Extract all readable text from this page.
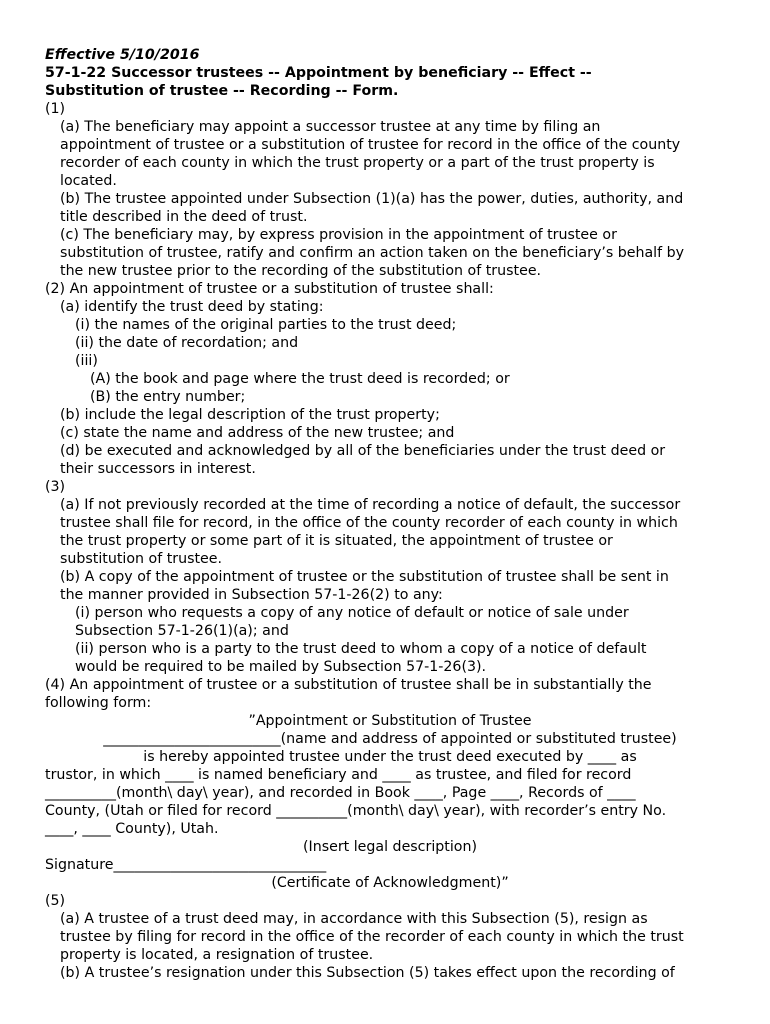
Effective 5/10/2016
57-1-22 Successor trustees -- Appointment by beneficiary -- Effect --
Substitution of trustee -- Recording -- Form.
(1)
(a) The beneficiary may appoint a successor trustee at any time by filing an
appointment of trustee or a substitution of trustee for record in the office of the county
recorder of each county in which the trust property or a part of the trust property is
located.
(b) The trustee appointed under Subsection (1)(a) has the power, duties, authority, and
title described in the deed of trust.
(c) The beneficiary may, by express provision in the appointment of trustee or
substitution of trustee, ratify and confirm an action taken on the beneficiary’s behalf by
the new trustee prior to the recording of the substitution of trustee.
(2) An appointment of trustee or a substitution of trustee shall:
(a) identify the trust deed by stating:
(i) the names of the original parties to the trust deed;
(ii) the date of recordation; and
(iii)
(A) the book and page where the trust deed is recorded; or
(B) the entry number;
(b) include the legal description of the trust property;
(c) state the name and address of the new trustee; and
(d) be executed and acknowledged by all of the beneficiaries under the trust deed or
their successors in interest.
(3)
(a) If not previously recorded at the time of recording a notice of default, the successor
trustee shall file for record, in the office of the county recorder of each county in which
the trust property or some part of it is situated, the appointment of trustee or
substitution of trustee.
(b) A copy of the appointment of trustee or the substitution of trustee shall be sent in
the manner provided in Subsection 57-1-26(2) to any:
(i) person who requests a copy of any notice of default or notice of sale under
Subsection 57-1-26(1)(a); and
(ii) person who is a party to the trust deed to whom a copy of a notice of default
would be required to be mailed by Subsection 57-1-26(3).
(4) An appointment of trustee or a substitution of trustee shall be in substantially the
following form:
”Appointment or Substitution of Trustee
_________________________(name and address of appointed or substituted trustee)
is hereby appointed trustee under the trust deed executed by ____ as
trustor, in which ____ is named beneficiary and ____ as trustee, and filed for record
__________(month\ day\ year), and recorded in Book ____, Page ____, Records of ____
County, (Utah or filed for record __________(month\ day\ year), with recorder’s entry No.
____, ____ County), Utah.
(Insert legal description)
Signature______________________________
(Certificate of Acknowledgment)”
(5)
(a) A trustee of a trust deed may, in accordance with this Subsection (5), resign as
trustee by filing for record in the office of the recorder of each county in which the trust
property is located, a resignation of trustee.
(b) A trustee’s resignation under this Subsection (5) takes effect upon the recording of
